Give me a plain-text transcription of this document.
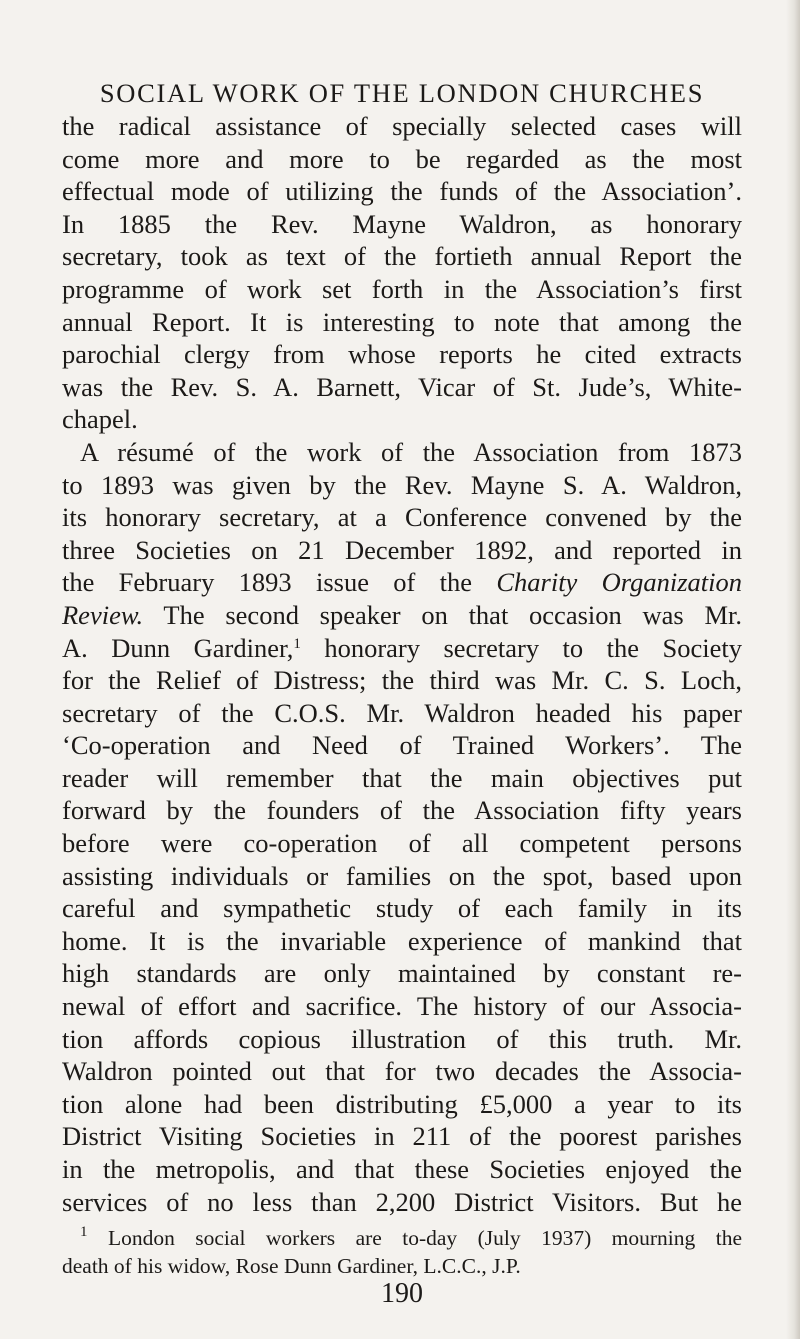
SOCIAL WORK OF THE LONDON CHURCHES
the radical assistance of specially selected cases will
come more and more to be regarded as the most
effectual mode of utilizing the funds of the Association’.
In 1885 the Rev. Mayne Waldron, as honorary
secretary, took as text of the fortieth annual Report the
programme of work set forth in the Association’s first
annual Report. It is interesting to note that among the
parochial clergy from whose reports he cited extracts
was the Rev. S. A. Barnett, Vicar of St. Jude’s, White-
chapel.
A résumé of the work of the Association from 1873
to 1893 was given by the Rev. Mayne S. A. Waldron,
its honorary secretary, at a Conference convened by the
three Societies on 21 December 1892, and reported in
the February 1893 issue of the Charity Organization
Review. The second speaker on that occasion was Mr.
A. Dunn Gardiner,$^1$ honorary secretary to the Society
for the Relief of Distress; the third was Mr. C. S. Loch,
secretary of the C.O.S. Mr. Waldron headed his paper
‘Co-operation and Need of Trained Workers’. The
reader will remember that the main objectives put
forward by the founders of the Association fifty years
before were co-operation of all competent persons
assisting individuals or families on the spot, based upon
careful and sympathetic study of each family in its
home. It is the invariable experience of mankind that
high standards are only maintained by constant re-
newal of effort and sacrifice. The history of our Associa-
tion affords copious illustration of this truth. Mr.
Waldron pointed out that for two decades the Associa-
tion alone had been distributing £5,000 a year to its
District Visiting Societies in 211 of the poorest parishes
in the metropolis, and that these Societies enjoyed the
services of no less than 2,200 District Visitors. But he
$^1$ London social workers are to-day (July 1937) mourning the
death of his widow, Rose Dunn Gardiner, L.C.C., J.P.
190
